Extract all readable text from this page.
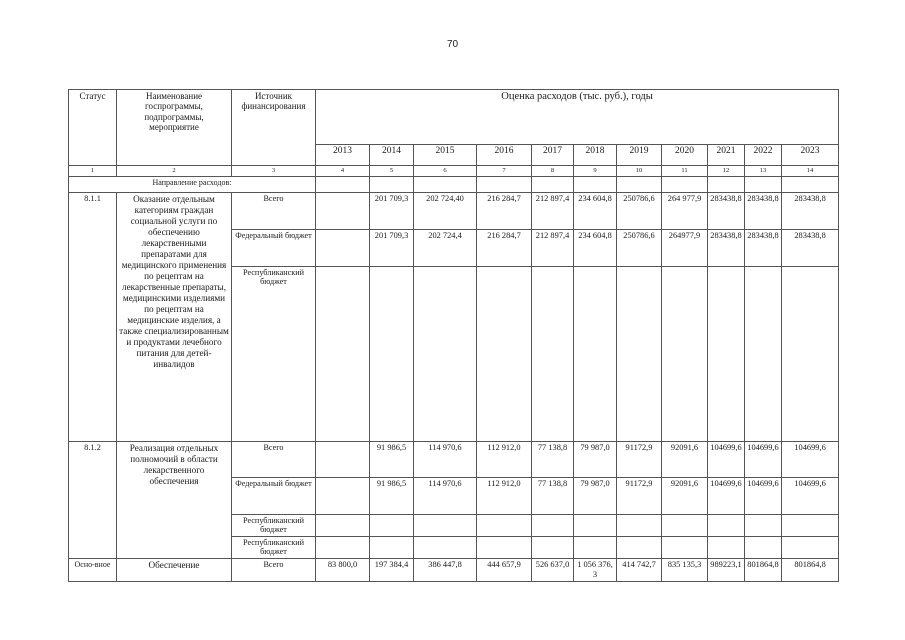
70
Статус	Наименование госпрограммы, подпрограммы, мероприятие	Источник финансирования	Оценка расходов (тыс. руб.), годы										
			2013	2014	2015	2016	2017	2018	2019	2020	2021	2022	2023
1	2	3	4	5	6	7	8	9	10	11	12	13	14
Направление расходов:													
8.1.1	Оказание отдельным категориям граждан социальной услуги по обеспечению лекарственными препаратами для медицинского применения по рецептам на лекарственные препараты, медицинскими изделиями по рецептам на медицинские изделия, а также специализированным и продуктами лечебного питания для детей-инвалидов	Всего		201 709,3	202 724,40	216 284,7	212 897,4	234 604,8	250786,6	264 977,9	283438,8	283438,8	283438,8
		Федеральный бюджет		201 709,3	202 724,4	216 284,7	212 897,4	234 604,8	250786,6	264977,9	283438,8	283438,8	283438,8
		Республиканский бюджет											
8.1.2	Реализация отдельных полномочий в области лекарственного обеспечения	Всего		91 986,5	114 970,6	112 912,0	77 138,8	79 987,0	91172,9	92091,6	104699,6	104699,6	104699,6
		Федеральный бюджет		91 986,5	114 970,6	112 912,0	77 138,8	79 987,0	91172,9	92091,6	104699,6	104699,6	104699,6
		Республиканский бюджет											
		Республиканский бюджет											
Осно-вное	Обеспечение	Всего	83 800,0	197 384,4	386 447,8	444 657,9	526 637,0	1 056 376,3	414 742,7	835 135,3	989223,1	801864,8	801864,8
